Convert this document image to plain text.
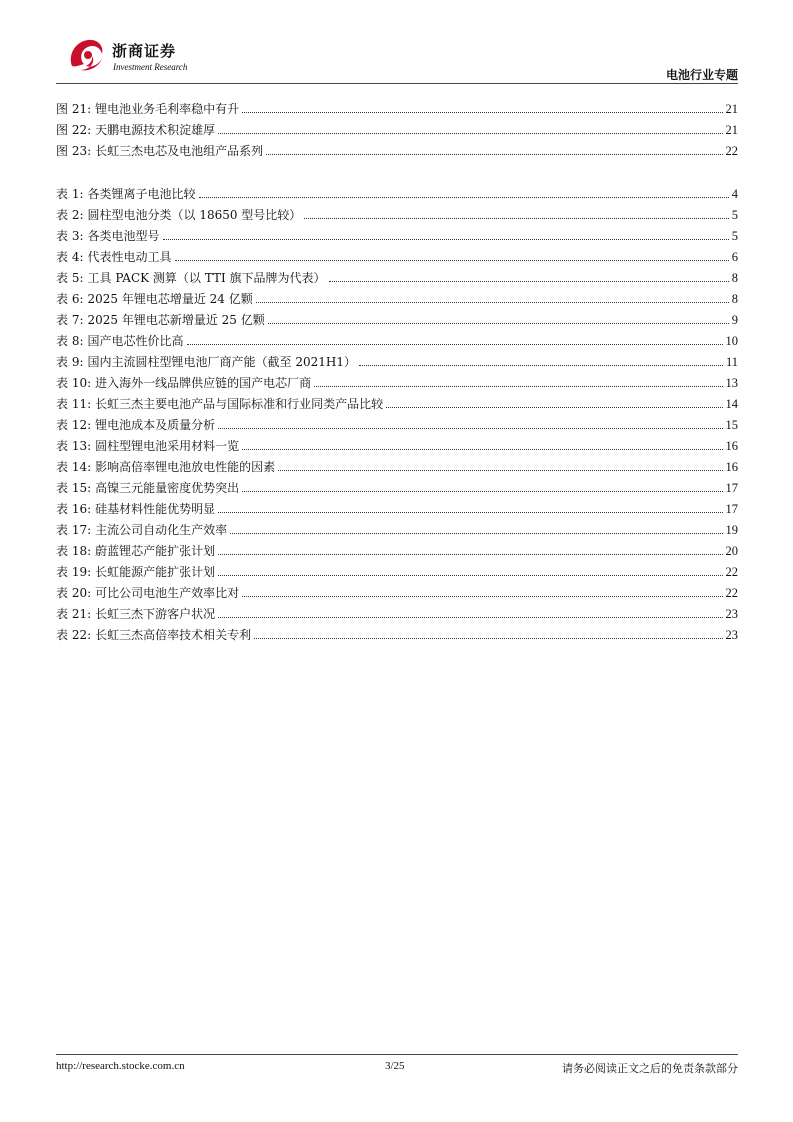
浙商证券
Investment Research
电池行业专题
图 21: 锂电池业务毛利率稳中有升	21
图 22: 天鹏电源技术积淀雄厚	21
图 23: 长虹三杰电芯及电池组产品系列	22
表 1: 各类锂离子电池比较	4
表 2: 圆柱型电池分类（以 18650 型号比较）	5
表 3: 各类电池型号	5
表 4: 代表性电动工具	6
表 5: 工具 PACK 测算（以 TTI 旗下品牌为代表）	8
表 6: 2025 年锂电芯增量近 24 亿颗	8
表 7: 2025 年锂电芯新增量近 25 亿颗	9
表 8: 国产电芯性价比高	10
表 9: 国内主流圆柱型锂电池厂商产能（截至 2021H1）	11
表 10: 进入海外一线品牌供应链的国产电芯厂商	13
表 11: 长虹三杰主要电池产品与国际标准和行业同类产品比较	14
表 12: 锂电池成本及质量分析	15
表 13: 圆柱型锂电池采用材料一览	16
表 14: 影响高倍率锂电池放电性能的因素	16
表 15: 高镍三元能量密度优势突出	17
表 16: 硅基材料性能优势明显	17
表 17: 主流公司自动化生产效率	19
表 18: 蔚蓝锂芯产能扩张计划	20
表 19: 长虹能源产能扩张计划	22
表 20: 可比公司电池生产效率比对	22
表 21: 长虹三杰下游客户状况	23
表 22: 长虹三杰高倍率技术相关专利	23
http://research.stocke.com.cn	3/25	请务必阅读正文之后的免责条款部分
